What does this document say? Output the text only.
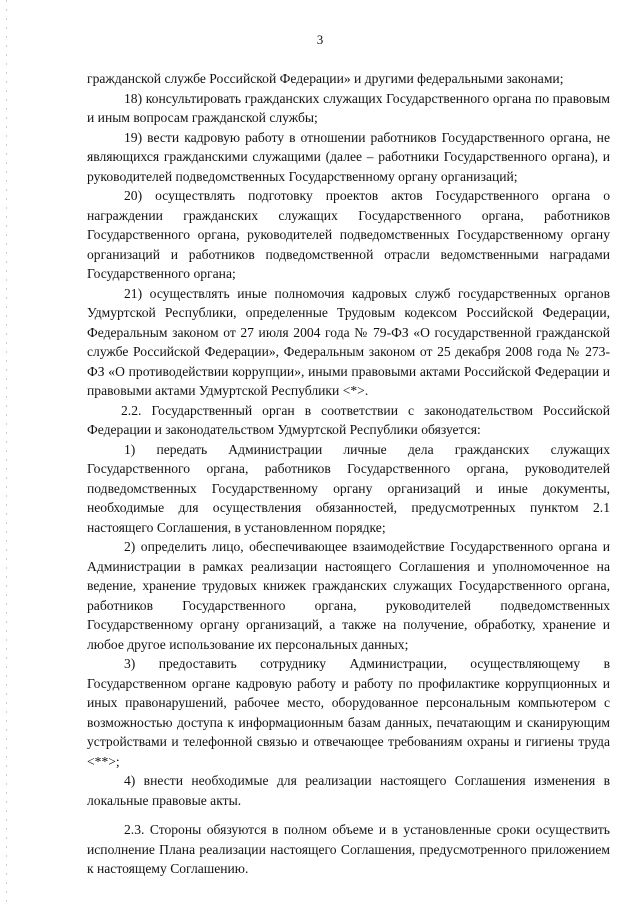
3

гражданской службе Российской Федерации» и другими федеральными законами;

18) консультировать гражданских служащих Государственного органа по правовым и иным вопросам гражданской службы;

19) вести кадровую работу в отношении работников Государственного органа, не являющихся гражданскими служащими (далее – работники Государственного органа), и руководителей подведомственных Государственному органу организаций;

20) осуществлять подготовку проектов актов Государственного органа о награждении гражданских служащих Государственного органа, работников Государственного органа, руководителей подведомственных Государственному органу организаций и работников подведомственной отрасли ведомственными наградами Государственного органа;

21) осуществлять иные полномочия кадровых служб государственных органов Удмуртской Республики, определенные Трудовым кодексом Российской Федерации, Федеральным законом от 27 июля 2004 года № 79-ФЗ «О государственной гражданской службе Российской Федерации», Федеральным законом от 25 декабря 2008 года № 273-ФЗ «О противодействии коррупции», иными правовыми актами Российской Федерации и правовыми актами Удмуртской Республики <*>.

2.2. Государственный орган в соответствии с законодательством Российской Федерации и законодательством Удмуртской Республики обязуется:

1) передать Администрации личные дела гражданских служащих Государственного органа, работников Государственного органа, руководителей подведомственных Государственному органу организаций и иные документы, необходимые для осуществления обязанностей, предусмотренных пунктом 2.1 настоящего Соглашения, в установленном порядке;

2) определить лицо, обеспечивающее взаимодействие Государственного органа и Администрации в рамках реализации настоящего Соглашения и уполномоченное на ведение, хранение трудовых книжек гражданских служащих Государственного органа, работников Государственного органа, руководителей подведомственных Государственному органу организаций, а также на получение, обработку, хранение и любое другое использование их персональных данных;

3) предоставить сотруднику Администрации, осуществляющему в Государственном органе кадровую работу и работу по профилактике коррупционных и иных правонарушений, рабочее место, оборудованное персональным компьютером с возможностью доступа к информационным базам данных, печатающим и сканирующим устройствами и телефонной связью и отвечающее требованиям охраны и гигиены труда <**>;

4) внести необходимые для реализации настоящего Соглашения изменения в локальные правовые акты.

2.3. Стороны обязуются в полном объеме и в установленные сроки осуществить исполнение Плана реализации настоящего Соглашения, предусмотренного приложением к настоящему Соглашению.
